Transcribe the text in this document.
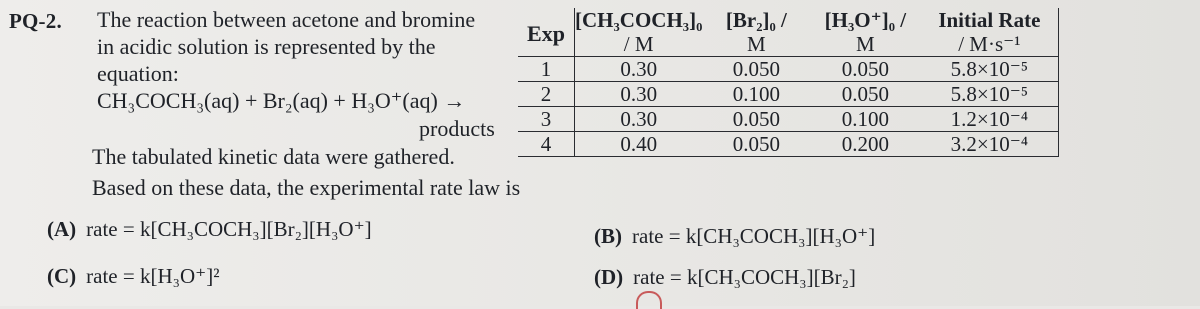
PQ-2. The reaction between acetone and bromine
in acidic solution is represented by the
equation:
CH₃COCH₃(aq) + Br₂(aq) + H₃O⁺(aq) →
products
The tabulated kinetic data were gathered.
Based on these data, the experimental rate law is
Exp	[CH₃COCH₃]₀	[Br₂]₀ /	[H₃O⁺]₀ /	Initial Rate
	/ M	M	M	/ M·s⁻¹
1	0.30	0.050	0.050	5.8×10⁻⁵
2	0.30	0.100	0.050	5.8×10⁻⁵
3	0.30	0.050	0.100	1.2×10⁻⁴
4	0.40	0.050	0.200	3.2×10⁻⁴
(A) rate = k[CH₃COCH₃][Br₂][H₃O⁺]
(C) rate = k[H₃O⁺]²
(B) rate = k[CH₃COCH₃][H₃O⁺]
(D) rate = k[CH₃COCH₃][Br₂]
